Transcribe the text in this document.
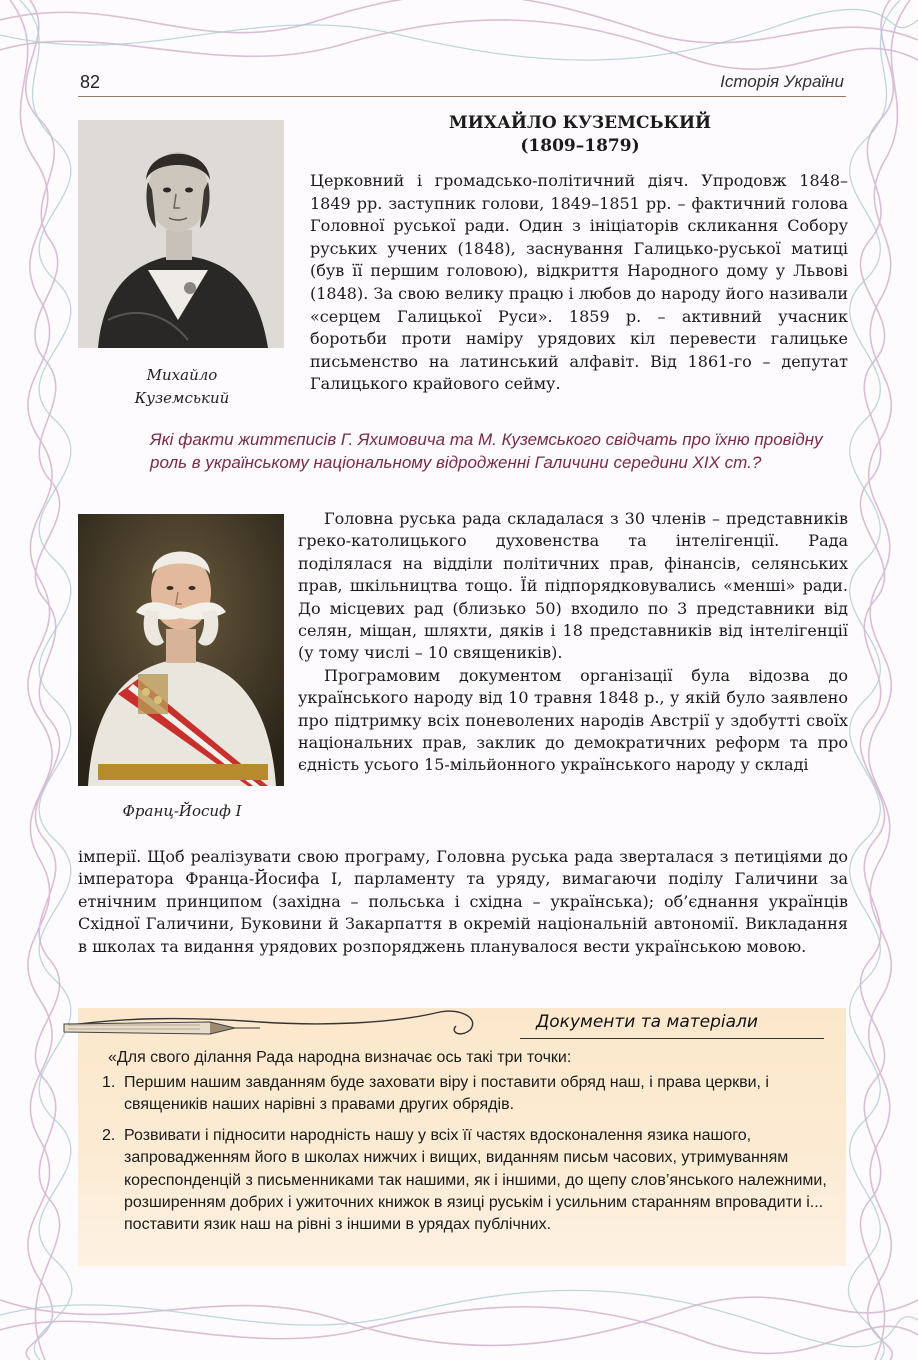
82	Історія України
Михайло
Куземський
МИХАЙЛО КУЗЕМСЬКИЙ
(1809–1879)
Церковний і громадсько-політичний діяч. Упродовж 1848–1849 рр. заступник голови, 1849–1851 рр. – фактичний голова Головної руської ради. Один з ініціаторів скликання Собору руських учених (1848), заснування Галицько-руської матиці (був її першим головою), відкриття Народного дому у Львові (1848). За свою велику працю і любов до народу його називали «серцем Галицької Руси». 1859 р. – активний учасник боротьби проти наміру урядових кіл перевести галицьке письменство на латинський алфавіт. Від 1861-го – депутат Галицького крайового сейму.
Які факти життєписів Г. Яхимовича та М. Куземського свідчать про їхню провідну роль в українському національному відродженні Галичини середини XIX ст.?
Франц-Йосиф I

Головна руська рада складалася з 30 членів – представників греко-католицького духовенства та інтелігенції. Рада поділялася на відділи політичних прав, фінансів, селянських прав, шкільництва тощо. Їй підпорядковувались «менші» ради. До місцевих рад (близько 50) входило по 3 представники від селян, міщан, шляхти, дяків і 18 представників від інтелігенції (у тому числі – 10 священиків).

Програмовим документом організації була відозва до українського народу від 10 травня 1848 р., у якій було заявлено про підтримку всіх поневолених народів Австрії у здобутті своїх національних прав, заклик до демократичних реформ та про єдність усього 15-мільйонного українського народу у складі

імперії. Щоб реалізувати свою програму, Головна руська рада зверталася з петиціями до імператора Франца-Йосифа I, парламенту та уряду, вимагаючи поділу Галичини за етнічним принципом (західна – польська і східна – українська); об’єднання українців Східної Галичини, Буковини й Закарпаття в окремій національній автономії. Викладання в школах та видання урядових розпоряджень планувалося вести українською мовою.

Документи та матеріали
«Для свого ділання Рада народна визначає ось такі три точки:
1. Першим нашим завданням буде заховати віру і поставити обряд наш, і права церкви, і священиків наших нарівні з правами других обрядів.
2. Розвивати і підносити народність нашу у всіх її частях вдосконалення язика нашого, запровадженням його в школах нижчих і вищих, виданням письм часових, утримуванням кореспонденцій з письменниками так нашими, як і іншими, до щепу слов’янського належними, розширенням добрих і ужиточних книжок в язиці руськім і усильним старанням впровадити і... поставити язик наш на рівні з іншими в урядах публічних.
